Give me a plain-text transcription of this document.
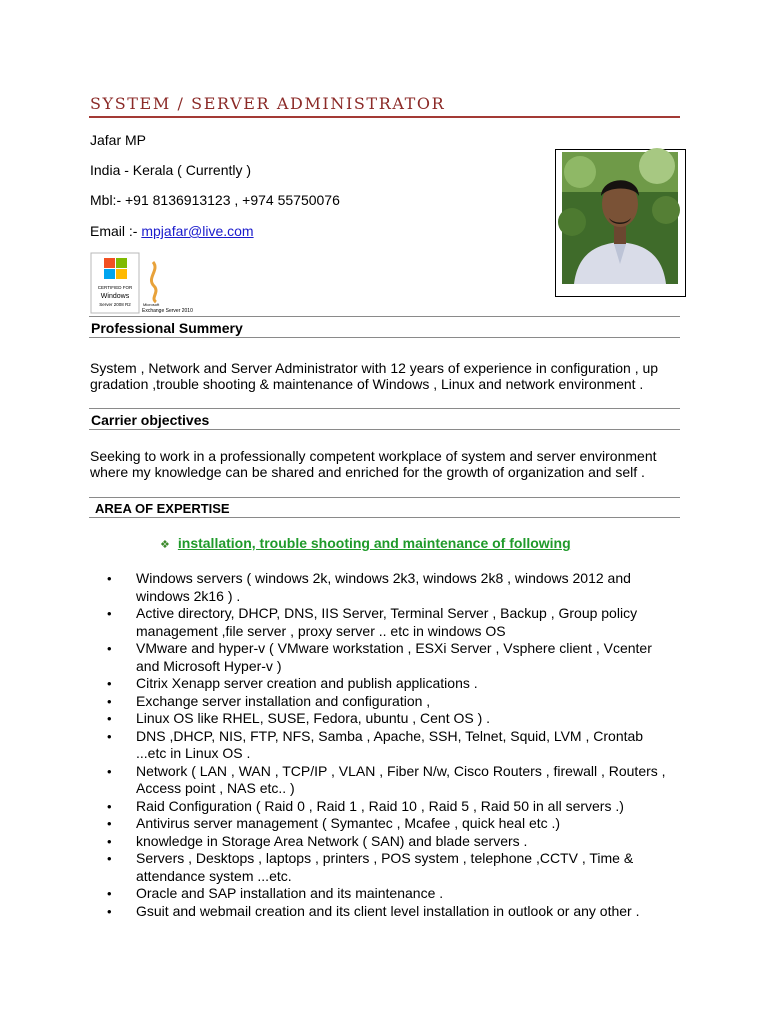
SYSTEM / SERVER ADMINISTRATOR
Jafar MP
India - Kerala ( Currently )
Mbl:- +91 8136913123 , +974 55750076
Email :- mpjafar@live.com
CERTIFIED FOR
Windows
Server 2008 R2	Microsoft
Exchange Server 2010
Professional Summery
System , Network and Server Administrator with 12 years of experience in configuration , up gradation ,trouble shooting & maintenance of Windows , Linux and network environment .
Carrier objectives
Seeking to work in a professionally competent workplace of system and server environment where my knowledge can be shared and enriched for the growth of organization and self .
AREA OF EXPERTISE
❖ installation, trouble shooting and maintenance of following
• Windows servers ( windows 2k, windows 2k3, windows 2k8 , windows 2012 and windows 2k16 ) .
• Active directory, DHCP, DNS, IIS Server, Terminal Server , Backup , Group policy management ,file server , proxy server .. etc in windows OS
• VMware and hyper-v ( VMware workstation , ESXi Server , Vsphere client , Vcenter and Microsoft Hyper-v )
• Citrix Xenapp server creation and publish applications .
• Exchange server installation and configuration ,
• Linux OS like RHEL, SUSE, Fedora, ubuntu , Cent OS ) .
• DNS ,DHCP, NIS, FTP, NFS, Samba , Apache, SSH, Telnet, Squid, LVM , Crontab ...etc in Linux OS .
• Network ( LAN , WAN , TCP/IP , VLAN , Fiber N/w, Cisco Routers , firewall , Routers , Access point , NAS etc.. )
• Raid Configuration ( Raid 0 , Raid 1 , Raid 10 , Raid 5 , Raid 50 in all servers .)
• Antivirus server management ( Symantec , Mcafee , quick heal etc .)
• knowledge in Storage Area Network ( SAN) and blade servers .
• Servers , Desktops , laptops , printers , POS system , telephone ,CCTV , Time & attendance system ...etc.
• Oracle and SAP installation and its maintenance .
• Gsuit and webmail creation and its client level installation in outlook or any other .
